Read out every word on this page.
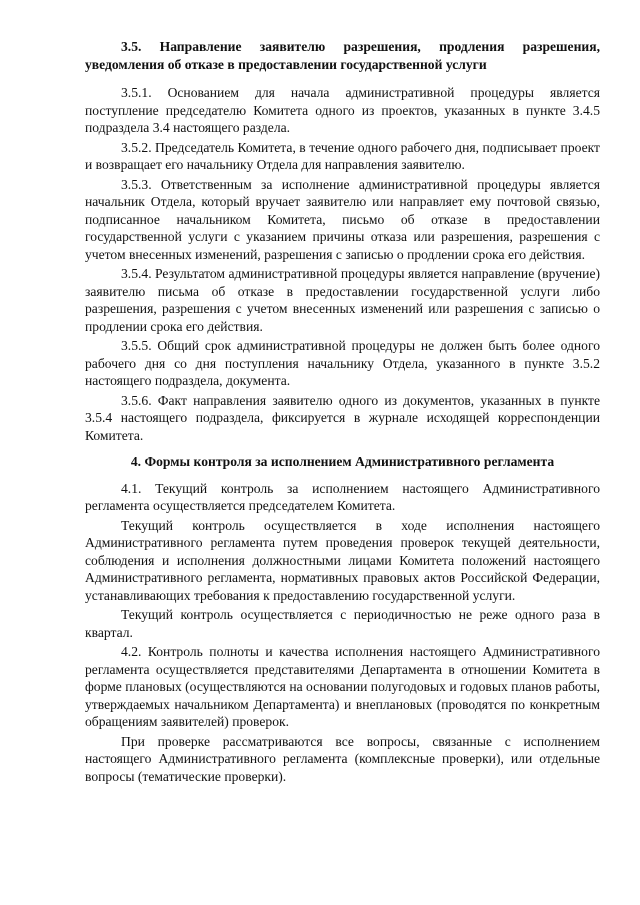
3.5. Направление заявителю разрешения, продления разрешения, уведомления об отказе в предоставлении государственной услуги

3.5.1. Основанием для начала административной процедуры является поступление председателю Комитета одного из проектов, указанных в пункте 3.4.5 подраздела 3.4 настоящего раздела.

3.5.2. Председатель Комитета, в течение одного рабочего дня, подписывает проект и возвращает его начальнику Отдела для направления заявителю.

3.5.3. Ответственным за исполнение административной процедуры является начальник Отдела, который вручает заявителю или направляет ему почтовой связью, подписанное начальником Комитета, письмо об отказе в предоставлении государственной услуги с указанием причины отказа или разрешения, разрешения с учетом внесенных изменений, разрешения с записью о продлении срока его действия.

3.5.4. Результатом административной процедуры является направление (вручение) заявителю письма об отказе в предоставлении государственной услуги либо разрешения, разрешения с учетом внесенных изменений или разрешения с записью о продлении срока его действия.

3.5.5. Общий срок административной процедуры не должен быть более одного рабочего дня со дня поступления начальнику Отдела, указанного в пункте 3.5.2 настоящего подраздела, документа.

3.5.6. Факт направления заявителю одного из документов, указанных в пункте 3.5.4 настоящего подраздела, фиксируется в журнале исходящей корреспонденции Комитета.

4. Формы контроля за исполнением Административного регламента

4.1. Текущий контроль за исполнением настоящего Административного регламента осуществляется председателем Комитета.

Текущий контроль осуществляется в ходе исполнения настоящего Административного регламента путем проведения проверок текущей деятельности, соблюдения и исполнения должностными лицами Комитета положений настоящего Административного регламента, нормативных правовых актов Российской Федерации, устанавливающих требования к предоставлению государственной услуги.

Текущий контроль осуществляется с периодичностью не реже одного раза в квартал.

4.2. Контроль полноты и качества исполнения настоящего Административного регламента осуществляется представителями Департамента в отношении Комитета в форме плановых (осуществляются на основании полугодовых и годовых планов работы, утверждаемых начальником Департамента) и внеплановых (проводятся по конкретным обращениям заявителей) проверок.

При проверке рассматриваются все вопросы, связанные с исполнением настоящего Административного регламента (комплексные проверки), или отдельные вопросы (тематические проверки).
